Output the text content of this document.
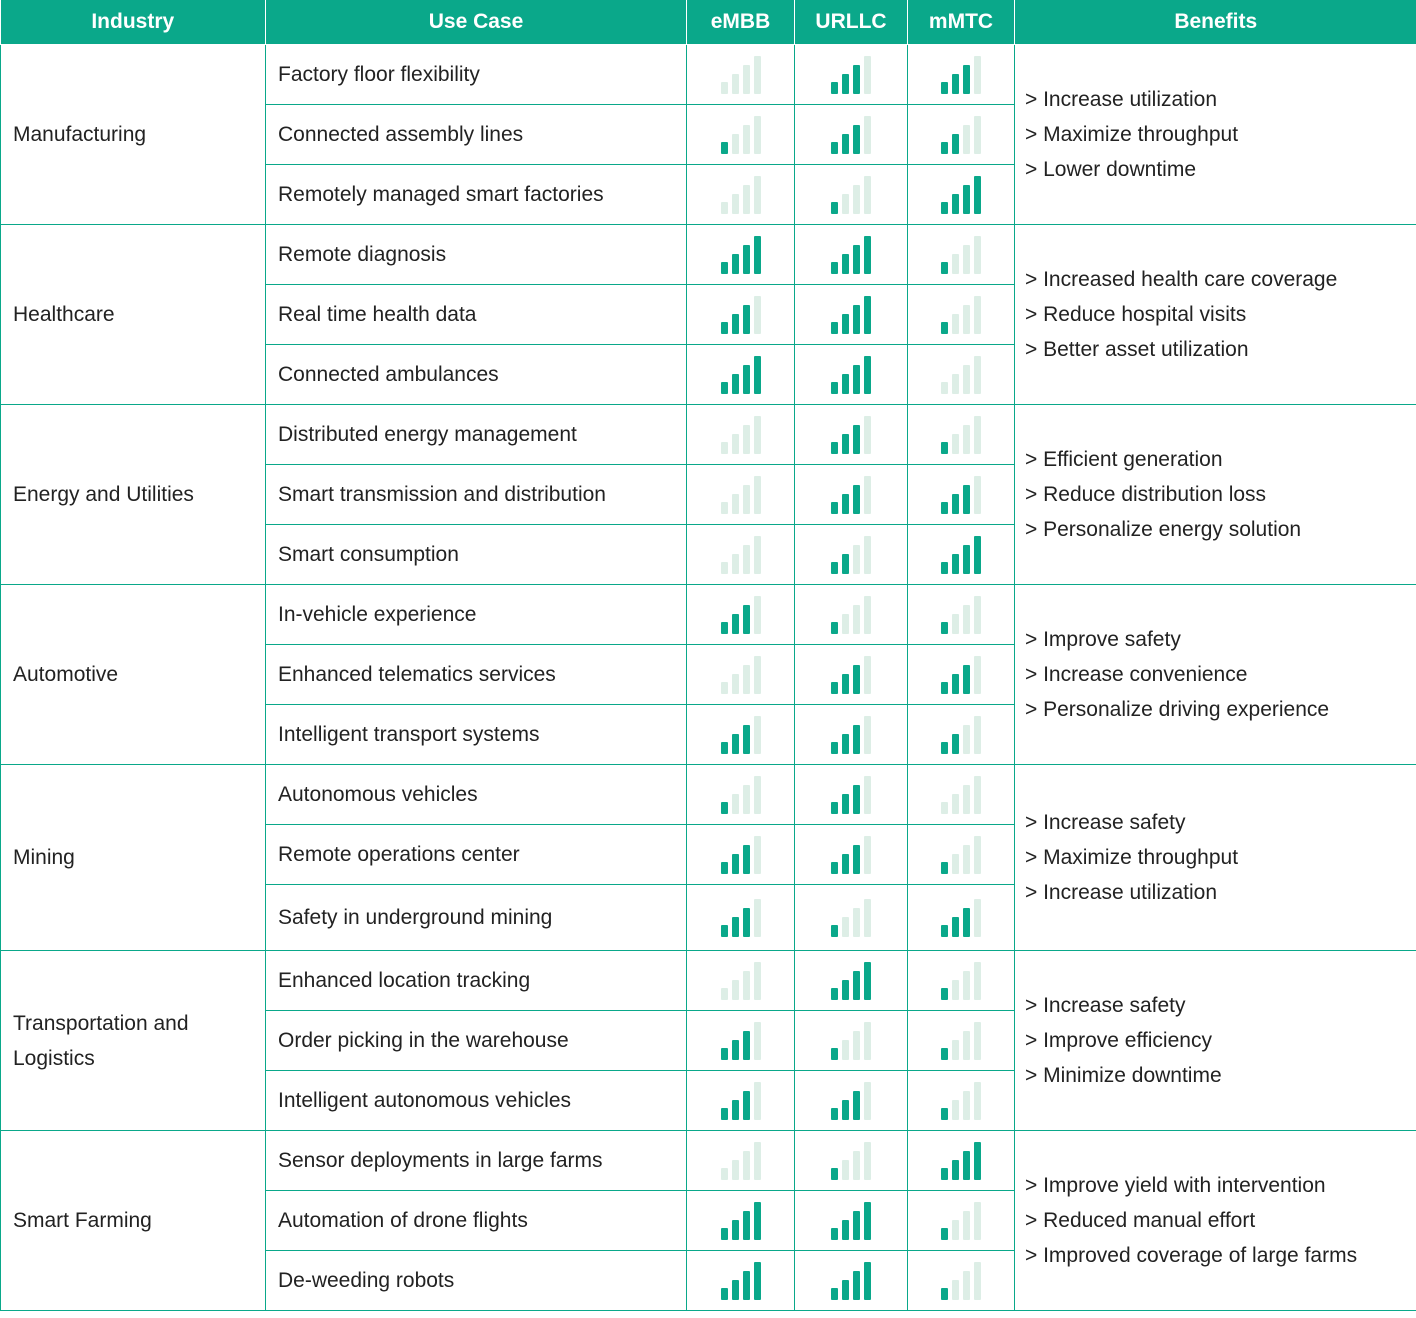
Industry	Use Case	eMBB	URLLC	mMTC	Benefits
Manufacturing	Factory floor flexibility				> Increase utilization
> Maximize throughput
> Lower downtime

	Connected assembly lines		

	Remotely managed smart factories		

Healthcare	Remote diagnosis				> Increased health care coverage
> Reduce hospital visits
> Better asset utilization

	Real time health data		

	Connected ambulances		

Energy and Utilities	Distributed energy management				> Efficient generation
> Reduce distribution loss
> Personalize energy solution

	Smart transmission and distribution		

	Smart consumption		

Automotive	In-vehicle experience				> Improve safety
> Increase convenience
> Personalize driving experience

	Enhanced telematics services		

	Intelligent transport systems		

Mining	Autonomous vehicles				> Increase safety
> Maximize throughput
> Increase utilization

	Remote operations center		

	Safety in underground mining		

Transportation and Logistics	Enhanced location tracking				> Increase safety
> Improve efficiency
> Minimize downtime

	Order picking in the warehouse		

	Intelligent autonomous vehicles		

Smart Farming	Sensor deployments in large farms				> Improve yield with intervention
> Reduced manual effort
> Improved coverage of large farms

	Automation of drone flights		

	De-weeding robots		
